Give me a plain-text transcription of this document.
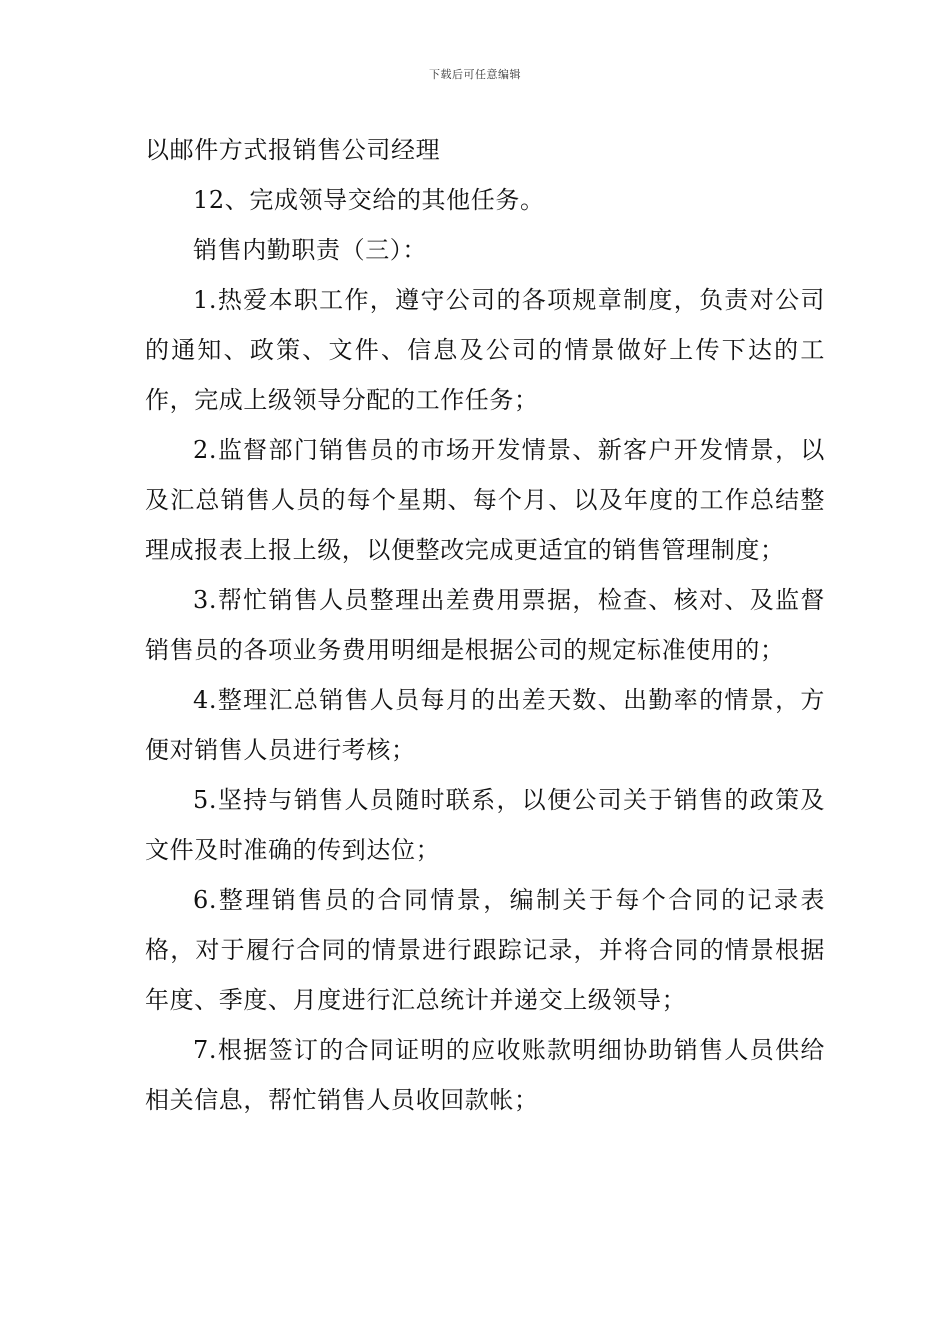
下载后可任意编辑

以邮件方式报销售公司经理

12、完成领导交给的其他任务。

销售内勤职责（三）：

1.热爱本职工作，遵守公司的各项规章制度，负责对公司的通知、政策、文件、信息及公司的情景做好上传下达的工作，完成上级领导分配的工作任务；

2.监督部门销售员的市场开发情景、新客户开发情景，以及汇总销售人员的每个星期、每个月、以及年度的工作总结整理成报表上报上级，以便整改完成更适宜的销售管理制度；

3.帮忙销售人员整理出差费用票据，检查、核对、及监督销售员的各项业务费用明细是根据公司的规定标准使用的；

4.整理汇总销售人员每月的出差天数、出勤率的情景，方便对销售人员进行考核；

5.坚持与销售人员随时联系，以便公司关于销售的政策及文件及时准确的传到达位；

6.整理销售员的合同情景，编制关于每个合同的记录表格，对于履行合同的情景进行跟踪记录，并将合同的情景根据年度、季度、月度进行汇总统计并递交上级领导；

7.根据签订的合同证明的应收账款明细协助销售人员供给相关信息，帮忙销售人员收回款帐；
